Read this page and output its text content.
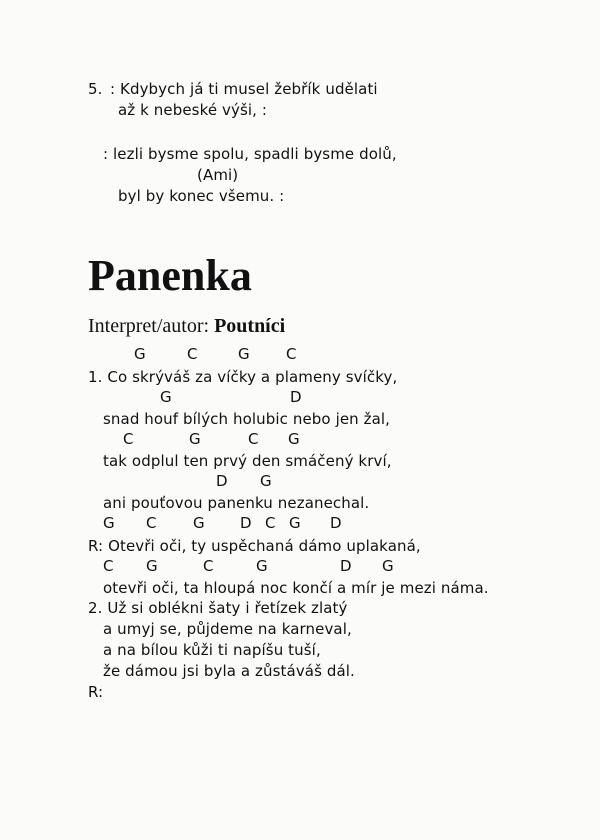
5. : Kdybych já ti musel žebřík udělati
až k nebeské výši, :
: lezli bysme spolu, spadli bysme dolů,
(Ami)
byl by konec všemu. :
Panenka
Interpret/autor: Poutníci
G	C	G C
1. Co skrýváš za víčky a plameny svíčky,
G	D
snad houf bílých holubic nebo jen žal,
C	G	C G
tak odplul ten prvý den smáčený krví,
D G
ani pouťovou panenku nezanechal.
G C G D C G D
R: Otevři oči, ty uspěchaná dámo uplakaná,
C G	C	G	D G
otevři oči, ta hloupá noc končí a mír je mezi náma.
2. Už si oblékni šaty i řetízek zlatý
a umyj se, půjdeme na karneval,
a na bílou kůži ti napíšu tuší,
že dámou jsi byla a zůstáváš dál.
R:
